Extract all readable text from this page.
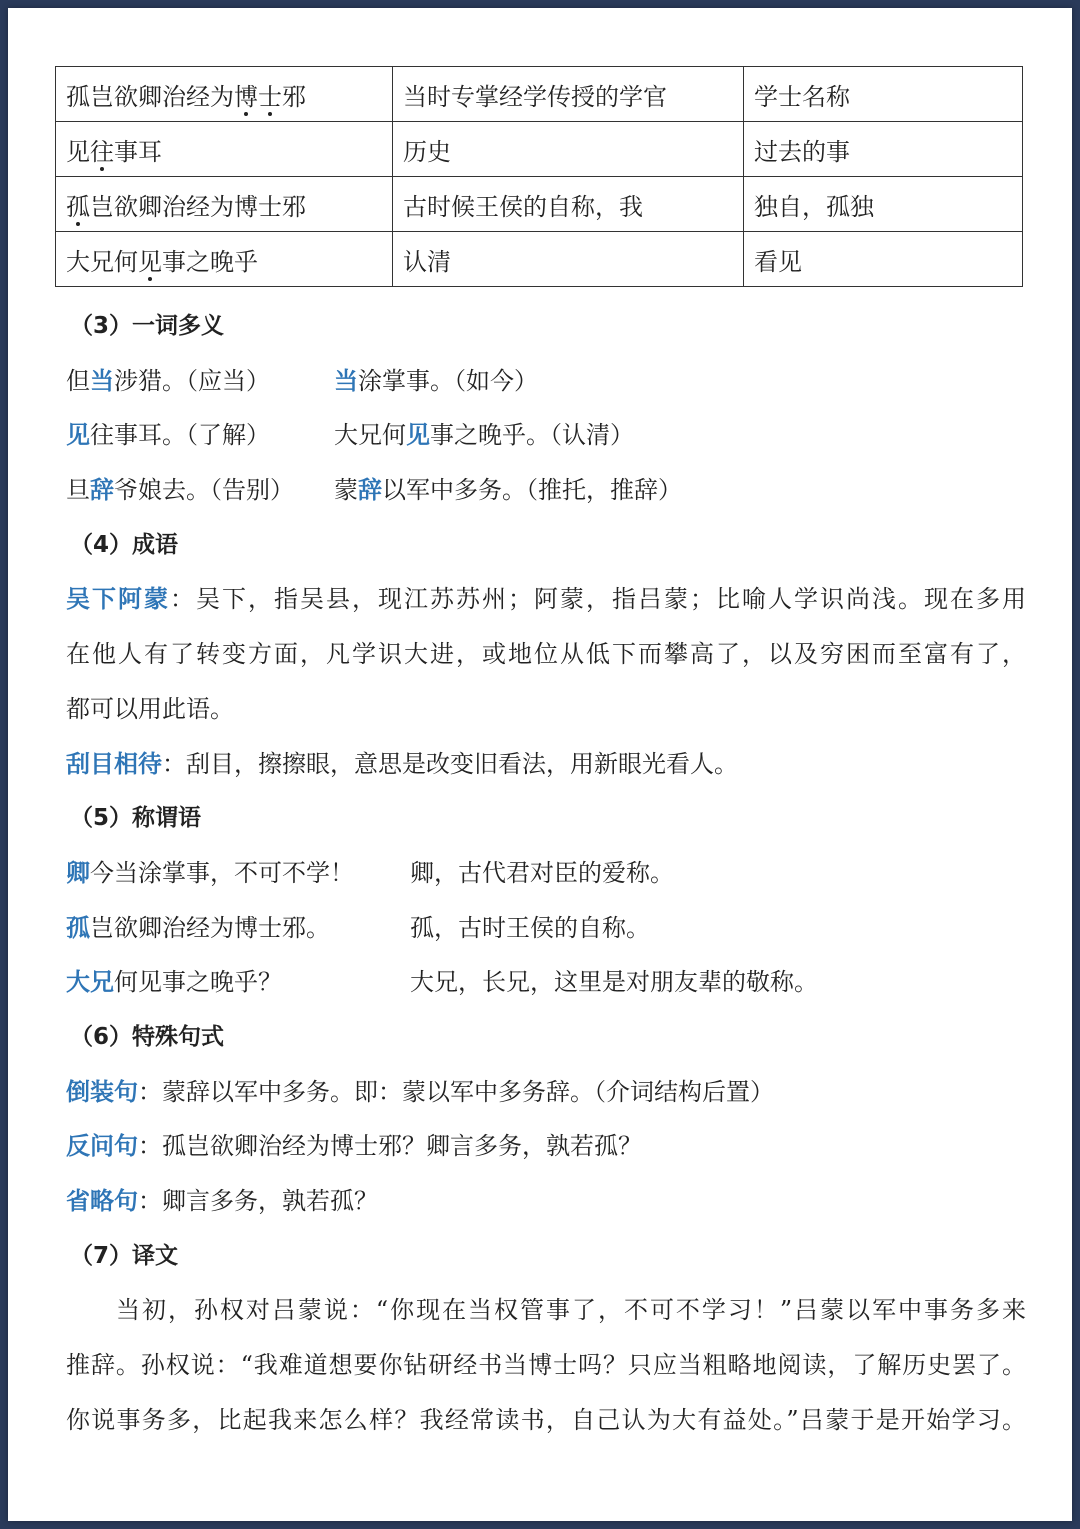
孤岂欲卿治经为博士邪	当时专掌经学传授的学官	学士名称
见往事耳	历史	过去的事
孤岂欲卿治经为博士邪	古时候王侯的自称，我	独自，孤独
大兄何见事之晚乎	认清	看见
（3）一词多义
但当涉猎。（应当）	当涂掌事。（如今）
见往事耳。（了解）	大兄何见事之晚乎。（认清）
旦辞爷娘去。（告别） 蒙辞以军中多务。（推托，推辞）
（4）成语
吴下阿蒙：吴下，指吴县，现江苏苏州；阿蒙，指吕蒙；比喻人学识尚浅。现在多用
在他人有了转变方面，凡学识大进，或地位从低下而攀高了，以及穷困而至富有了，
都可以用此语。
刮目相待：刮目，擦擦眼，意思是改变旧看法，用新眼光看人。
（5）称谓语
卿今当涂掌事，不可不学！ 卿，古代君对臣的爱称。
孤岂欲卿治经为博士邪。	孤，古时王侯的自称。
大兄何见事之晚乎？	大兄，长兄，这里是对朋友辈的敬称。
（6）特殊句式
倒装句：蒙辞以军中多务。即：蒙以军中多务辞。（介词结构后置）
反问句：孤岂欲卿治经为博士邪？卿言多务，孰若孤？
省略句：卿言多务，孰若孤？
（7）译文
当初，孙权对吕蒙说：“你现在当权管事了，不可不学习！”吕蒙以军中事务多来
推辞。孙权说：“我难道想要你钻研经书当博士吗？只应当粗略地阅读，了解历史罢了。
你说事务多，比起我来怎么样？我经常读书，自己认为大有益处。”吕蒙于是开始学习。
